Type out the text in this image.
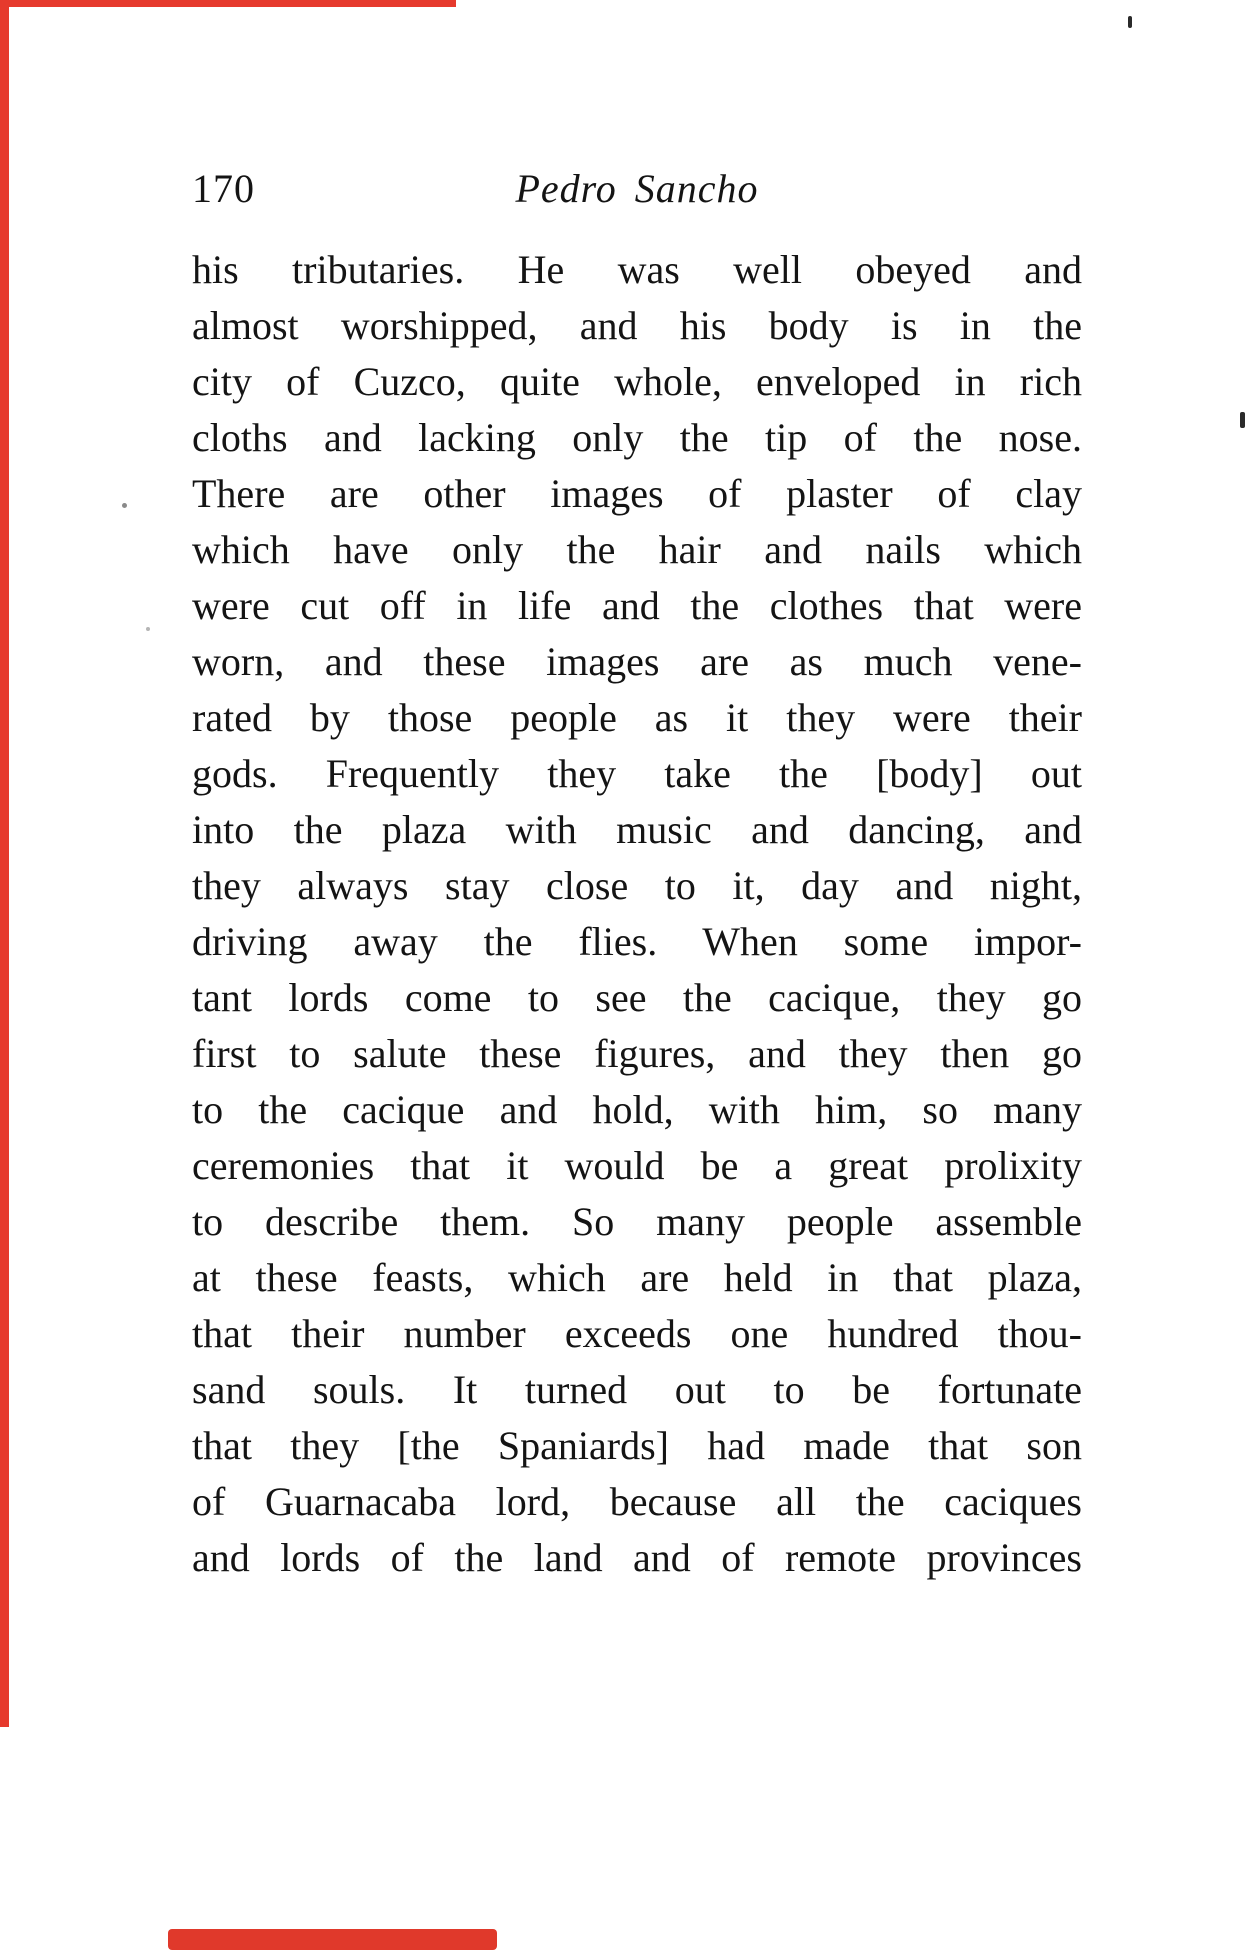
170	Pedro Sancho
his tributaries. He was well obeyed and
almost worshipped, and his body is in the
city of Cuzco, quite whole, enveloped in rich
cloths and lacking only the tip of the nose.
There are other images of plaster of clay
which have only the hair and nails which
were cut off in life and the clothes that were
worn, and these images are as much vene-
rated by those people as it they were their
gods. Frequently they take the [body] out
into the plaza with music and dancing, and
they always stay close to it, day and night,
driving away the flies. When some impor-
tant lords come to see the cacique, they go
first to salute these figures, and they then go
to the cacique and hold, with him, so many
ceremonies that it would be a great prolixity
to describe them. So many people assemble
at these feasts, which are held in that plaza,
that their number exceeds one hundred thou-
sand souls. It turned out to be fortunate
that they [the Spaniards] had made that son
of Guarnacaba lord, because all the caciques
and lords of the land and of remote provinces
